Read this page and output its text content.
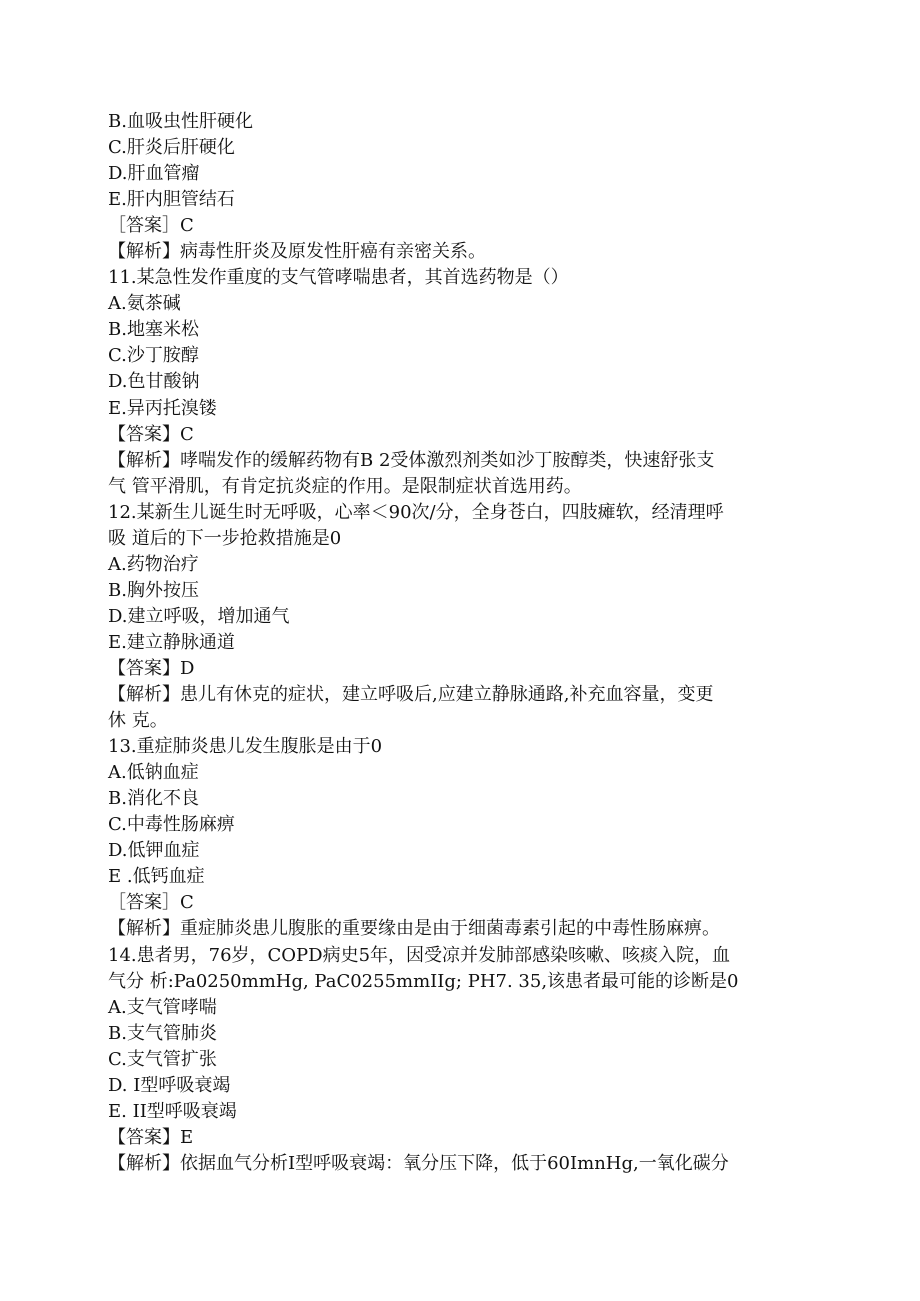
B.血吸虫性肝硬化
C.肝炎后肝硬化
D.肝血管瘤
E.肝内胆管结石
［答案］C
【解析】病毒性肝炎及原发性肝癌有亲密关系。
11.某急性发作重度的支气管哮喘患者，其首选药物是（）
A.氨茶碱
B.地塞米松
C.沙丁胺醇
D.色甘酸钠
E.异丙托溴镂
【答案】C
【解析】哮喘发作的缓解药物有B 2受体激烈剂类如沙丁胺醇类，快速舒张支
气 管平滑肌，有肯定抗炎症的作用。是限制症状首选用药。
12.某新生儿诞生时无呼吸，心率＜90次/分，全身苍白，四肢瘫软，经清理呼
吸 道后的下一步抢救措施是0
A.药物治疗
B.胸外按压
D.建立呼吸，增加通气
E.建立静脉通道
【答案】D
【解析】患儿有休克的症状，建立呼吸后,应建立静脉通路,补充血容量，变更
休 克。
13.重症肺炎患儿发生腹胀是由于0
A.低钠血症
B.消化不良
C.中毒性肠麻痹
D.低钾血症
E .低钙血症
［答案］C
【解析】重症肺炎患儿腹胀的重要缘由是由于细菌毒素引起的中毒性肠麻痹。
14.患者男，76岁，COPD病史5年，因受凉并发肺部感染咳嗽、咳痰入院，血
气分 析:Pa0250mmHg, PaC0255mmIIg; PH7. 35,该患者最可能的诊断是0
A.支气管哮喘
B.支气管肺炎
C.支气管扩张
D. I型呼吸衰竭
E. II型呼吸衰竭
【答案】E
【解析】依据血气分析I型呼吸衰竭：氧分压下降，低于60ImnHg,一氧化碳分
